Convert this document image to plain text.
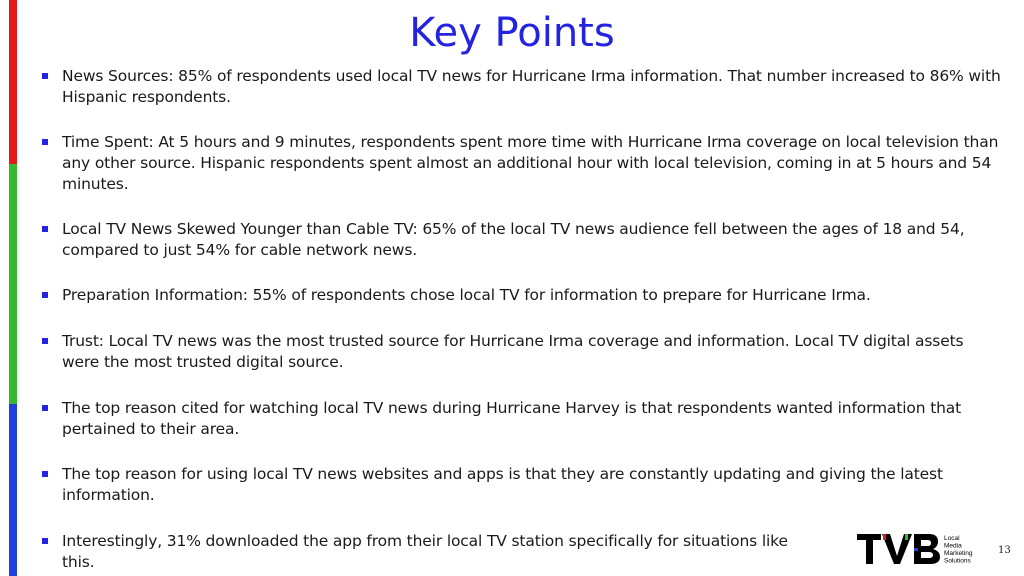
Key Points
News Sources: 85% of respondents used local TV news for Hurricane Irma information. That number increased to 86% with Hispanic respondents.
Time Spent: At 5 hours and 9 minutes, respondents spent more time with Hurricane Irma coverage on local television than any other source. Hispanic respondents spent almost an additional hour with local television, coming in at 5 hours and 54 minutes.
Local TV News Skewed Younger than Cable TV: 65% of the local TV news audience fell between the ages of 18 and 54, compared to just 54% for cable network news.
Preparation Information: 55% of respondents chose local TV for information to prepare for Hurricane Irma.
Trust: Local TV news was the most trusted source for Hurricane Irma coverage and information. Local TV digital assets were the most trusted digital source.
The top reason cited for watching local TV news during Hurricane Harvey is that respondents wanted information that pertained to their area.
The top reason for using local TV news websites and apps is that they are constantly updating and giving the latest information.
Interestingly, 31% downloaded the app from their local TV station specifically for situations like this.
Local
Media
Marketing
Solutions
13
